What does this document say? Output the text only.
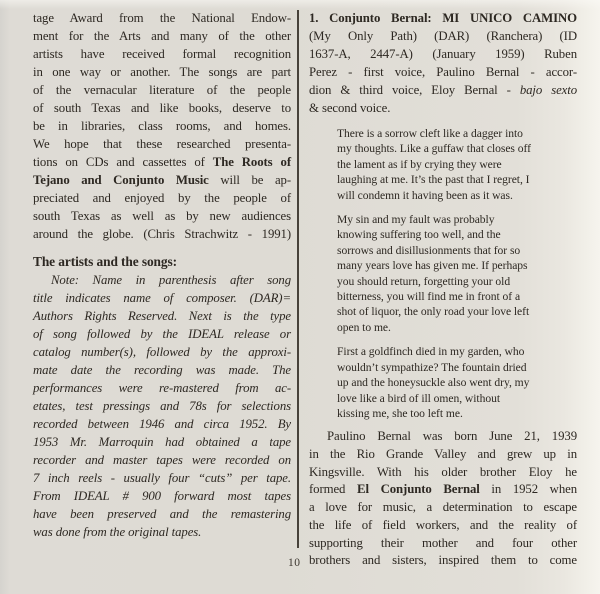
tage Award from the National Endow-
ment for the Arts and many of the other
artists have received formal recognition
in one way or another. The songs are part
of the vernacular literature of the people
of south Texas and like books, deserve to
be in libraries, class rooms, and homes.
We hope that these researched presenta-
tions on CDs and cassettes of The Roots of
Tejano and Conjunto Music will be ap-
preciated and enjoyed by the people of
south Texas as well as by new audiences
around the globe. (Chris Strachwitz - 1991)
The artists and the songs:
Note: Name in parenthesis after song
title indicates name of composer. (DAR)=
Authors Rights Reserved. Next is the type
of song followed by the IDEAL release or
catalog number(s), followed by the approxi-
mate date the recording was made. The
performances were re-mastered from ac-
etates, test pressings and 78s for selections
recorded between 1946 and circa 1952. By
1953 Mr. Marroquin had obtained a tape
recorder and master tapes were recorded on
7 inch reels - usually four “cuts” per tape.
From IDEAL # 900 forward most tapes
have been preserved and the remastering
was done from the original tapes.
1. Conjunto Bernal: MI UNICO CAMINO
(My Only Path) (DAR) (Ranchera) (ID
1637-A, 2447-A) (January 1959) Ruben
Perez - first voice, Paulino Bernal - accor-
dion & third voice, Eloy Bernal - bajo sexto
& second voice.
There is a sorrow cleft like a dagger into
my thoughts. Like a guffaw that closes off
the lament as if by crying they were
laughing at me. It’s the past that I regret, I
will condemn it having been as it was.
My sin and my fault was probably
knowing suffering too well, and the
sorrows and disillusionments that for so
many years love has given me. If perhaps
you should return, forgetting your old
bitterness, you will find me in front of a
shot of liquor, the only road your love left
open to me.
First a goldfinch died in my garden, who
wouldn’t sympathize? The fountain dried
up and the honeysuckle also went dry, my
love like a bird of ill omen, without
kissing me, she too left me.
Paulino Bernal was born June 21, 1939
in the Rio Grande Valley and grew up in
Kingsville. With his older brother Eloy he
formed El Conjunto Bernal in 1952 when
a love for music, a determination to escape
the life of field workers, and the reality of
supporting their mother and four other
brothers and sisters, inspired them to come
10
